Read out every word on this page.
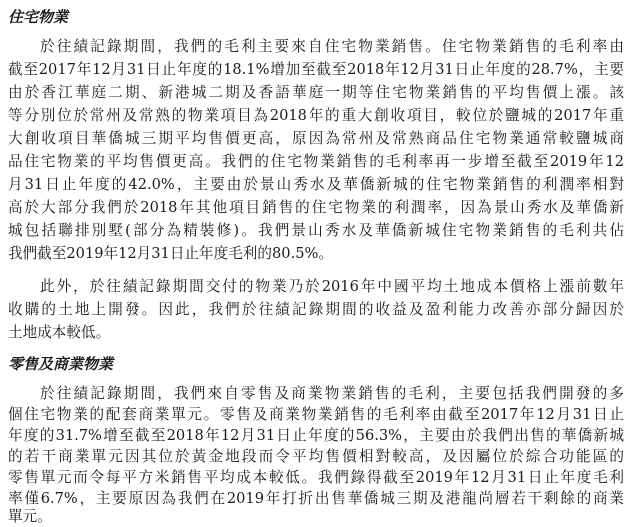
住宅物業
於往績記錄期間，我們的毛利主要來自住宅物業銷售。住宅物業銷售的毛利率由
截至2017年12月31日止年度的18.1%增加至截至2018年12月31日止年度的28.7%，主要
由於香江華庭二期、新港城二期及香語華庭一期等住宅物業銷售的平均售價上漲。該
等分別位於常州及常熟的物業項目為2018年的重大創收項目，較位於鹽城的2017年重
大創收項目華僑城三期平均售價更高，原因為常州及常熟商品住宅物業通常較鹽城商
品住宅物業的平均售價更高。我們的住宅物業銷售的毛利率再一步增至截至2019年12
月31日止年度的42.0%，主要由於景山秀水及華僑新城的住宅物業銷售的利潤率相對
高於大部分我們於2018年其他項目銷售的住宅物業的利潤率，因為景山秀水及華僑新
城包括聯排別墅(部分為精裝修)。我們景山秀水及華僑新城住宅物業銷售的毛利共佔
我們截至2019年12月31日止年度毛利的80.5%。
此外，於往績記錄期間交付的物業乃於2016年中國平均土地成本價格上漲前數年
收購的土地上開發。因此，我們於往績記錄期間的收益及盈利能力改善亦部分歸因於
土地成本較低。
零售及商業物業
於往績記錄期間，我們來自零售及商業物業銷售的毛利，主要包括我們開發的多
個住宅物業的配套商業單元。零售及商業物業銷售的毛利率由截至2017年12月31日止
年度的31.7%增至截至2018年12月31日止年度的56.3%，主要由於我們出售的華僑新城
的若干商業單元因其位於黃金地段而令平均售價相對較高，及因屬位於綜合功能區的
零售單元而令每平方米銷售平均成本較低。我們錄得截至2019年12月31日止年度毛利
率僅6.7%，主要原因為我們在2019年打折出售華僑城三期及港龍尚層若干剩餘的商業
單元。
